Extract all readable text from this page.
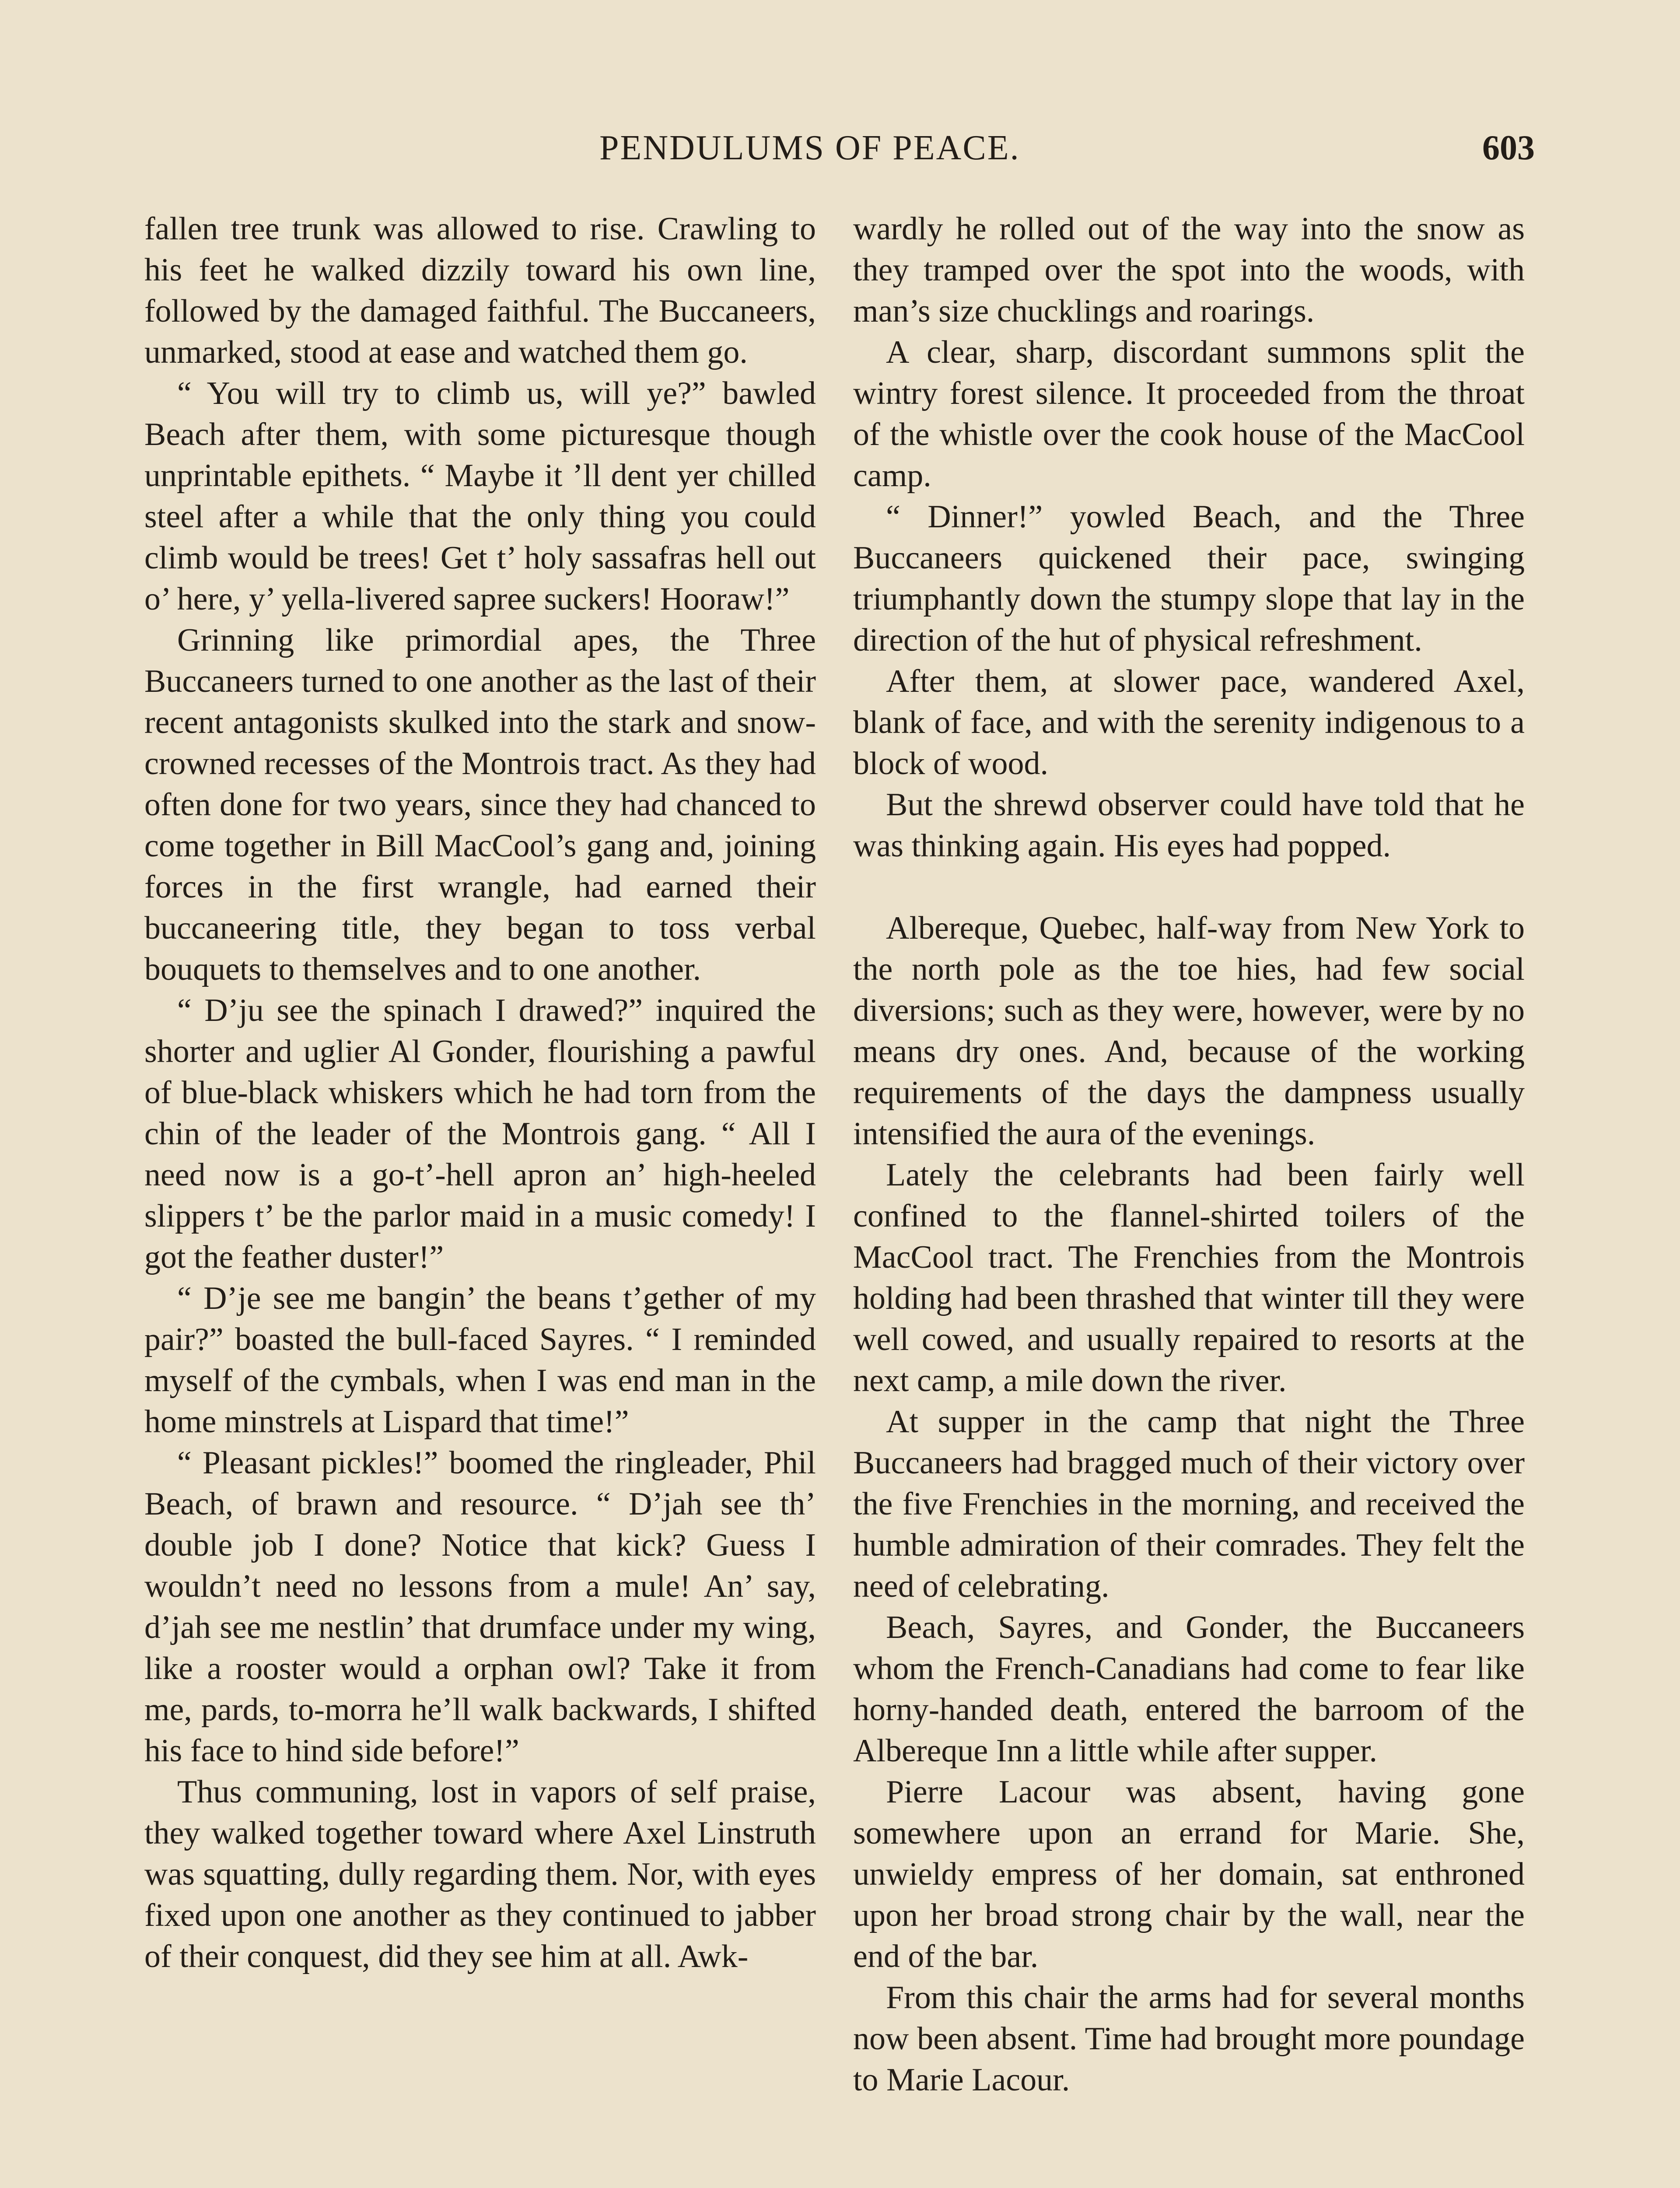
PENDULUMS OF PEACE.	603

fallen tree trunk was allowed to rise. Crawling to his feet he walked dizzily toward his own line, followed by the damaged faithful. The Buccaneers, unmarked, stood at ease and watched them go.

“ You will try to climb us, will ye?” bawled Beach after them, with some picturesque though unprintable epithets. “ Maybe it ’ll dent yer chilled steel after a while that the only thing you could climb would be trees! Get t’ holy sassafras hell out o’ here, y’ yella-livered sapree suckers! Hooraw!”

Grinning like primordial apes, the Three Buccaneers turned to one another as the last of their recent antagonists skulked into the stark and snow-crowned recesses of the Montrois tract. As they had often done for two years, since they had chanced to come together in Bill MacCool’s gang and, joining forces in the first wrangle, had earned their buccaneering title, they began to toss verbal bouquets to themselves and to one another.

“ D’ju see the spinach I drawed?” inquired the shorter and uglier Al Gonder, flourishing a pawful of blue-black whiskers which he had torn from the chin of the leader of the Montrois gang. “ All I need now is a go-t’-hell apron an’ high-heeled slippers t’ be the parlor maid in a music comedy! I got the feather duster!”

“ D’je see me bangin’ the beans t’gether of my pair?” boasted the bull-faced Sayres. “ I reminded myself of the cymbals, when I was end man in the home minstrels at Lispard that time!”

“ Pleasant pickles!” boomed the ringleader, Phil Beach, of brawn and resource. “ D’jah see th’ double job I done? Notice that kick? Guess I wouldn’t need no lessons from a mule! An’ say, d’jah see me nestlin’ that drumface under my wing, like a rooster would a orphan owl? Take it from me, pards, to-morra he’ll walk backwards, I shifted his face to hind side before!”

Thus communing, lost in vapors of self praise, they walked together toward where Axel Linstruth was squatting, dully regarding them. Nor, with eyes fixed upon one another as they continued to jabber of their conquest, did they see him at all. Awk-

wardly he rolled out of the way into the snow as they tramped over the spot into the woods, with man’s size chucklings and roarings.

A clear, sharp, discordant summons split the wintry forest silence. It proceeded from the throat of the whistle over the cook house of the MacCool camp.

“ Dinner!” yowled Beach, and the Three Buccaneers quickened their pace, swinging triumphantly down the stumpy slope that lay in the direction of the hut of physical refreshment.

After them, at slower pace, wandered Axel, blank of face, and with the serenity indigenous to a block of wood.

But the shrewd observer could have told that he was thinking again. His eyes had popped.

Albereque, Quebec, half-way from New York to the north pole as the toe hies, had few social diversions; such as they were, however, were by no means dry ones. And, because of the working requirements of the days the dampness usually intensified the aura of the evenings.

Lately the celebrants had been fairly well confined to the flannel-shirted toilers of the MacCool tract. The Frenchies from the Montrois holding had been thrashed that winter till they were well cowed, and usually repaired to resorts at the next camp, a mile down the river.

At supper in the camp that night the Three Buccaneers had bragged much of their victory over the five Frenchies in the morning, and received the humble admiration of their comrades. They felt the need of celebrating.

Beach, Sayres, and Gonder, the Buccaneers whom the French-Canadians had come to fear like horny-handed death, entered the barroom of the Albereque Inn a little while after supper.

Pierre Lacour was absent, having gone somewhere upon an errand for Marie. She, unwieldy empress of her domain, sat enthroned upon her broad strong chair by the wall, near the end of the bar.

From this chair the arms had for several months now been absent. Time had brought more poundage to Marie Lacour.
